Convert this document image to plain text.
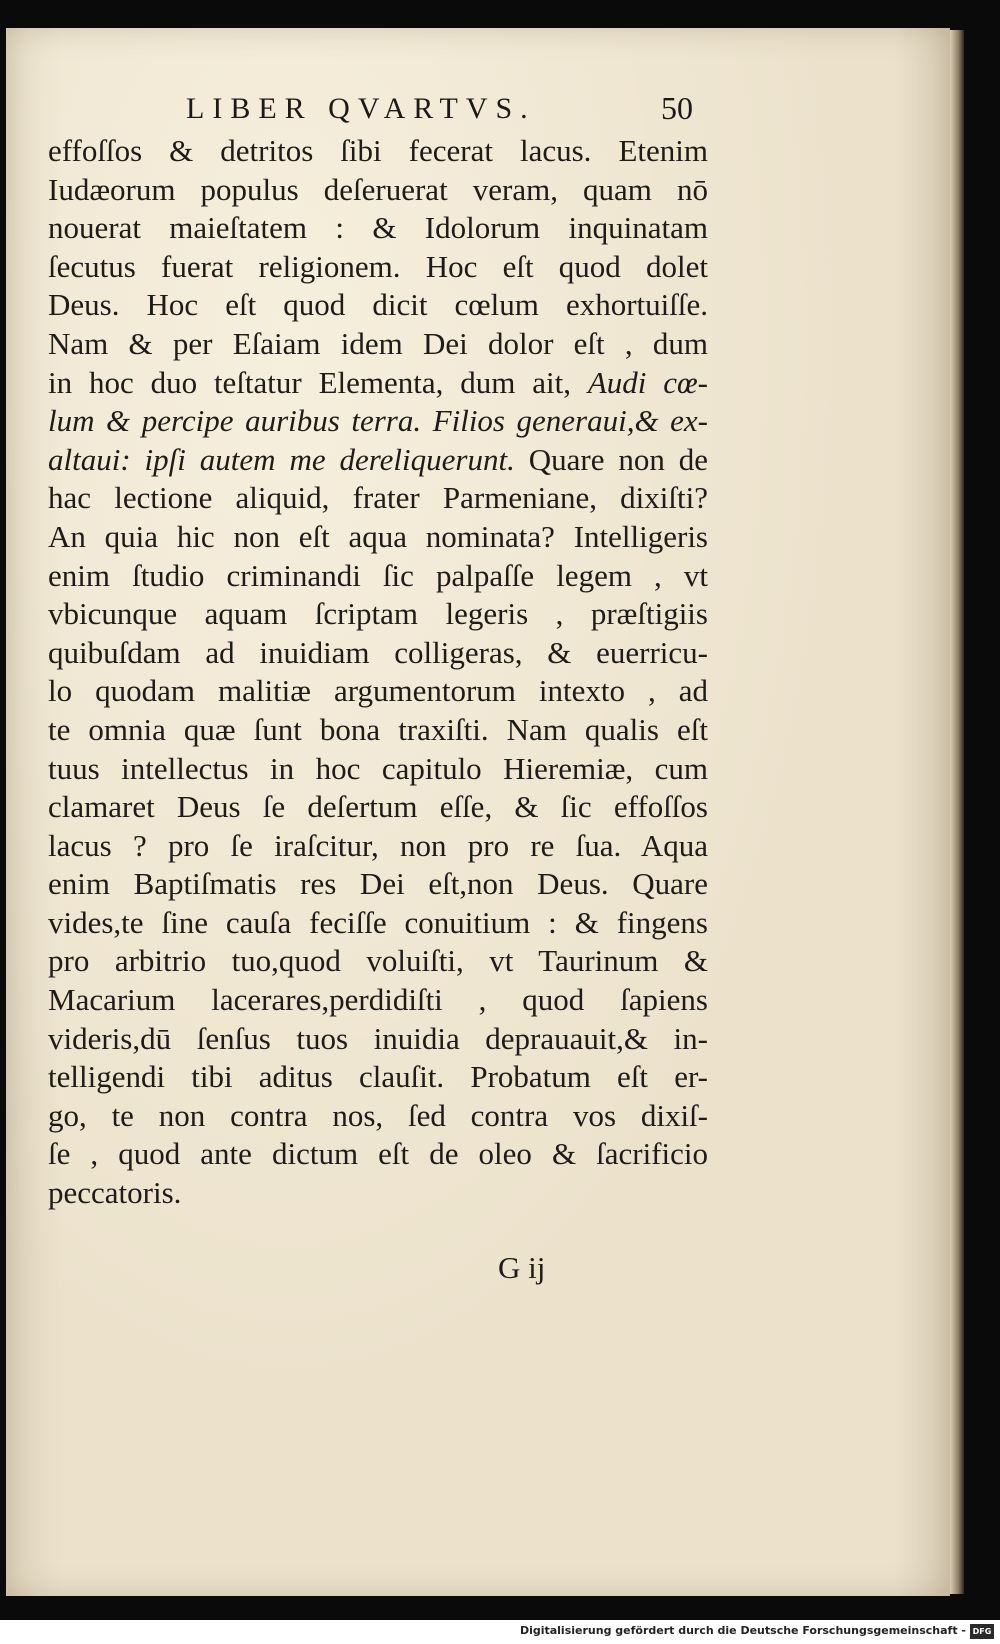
LIBER QVARTVS.	50
effoſſos & detritos ſibi fecerat lacus. Etenim
Iudæorum populus deſeruerat veram, quam nō
nouerat maieſtatem : & Idolorum inquinatam
ſecutus fuerat religionem. Hoc eſt quod dolet
Deus. Hoc eſt quod dicit cœlum exhortuiſſe.
Nam & per Eſaiam idem Dei dolor eſt , dum
in hoc duo teſtatur Elementa, dum ait, Audi cœ-
lum & percipe auribus terra. Filios generaui,& ex-
altaui: ipſi autem me dereliquerunt. Quare non de
hac lectione aliquid, frater Parmeniane, dixiſti?
An quia hic non eſt aqua nominata? Intelligeris
enim ſtudio criminandi ſic palpaſſe legem , vt
vbicunque aquam ſcriptam legeris , præſtigiis
quibuſdam ad inuidiam colligeras, & euerricu-
lo quodam malitiæ argumentorum intexto , ad
te omnia quæ ſunt bona traxiſti. Nam qualis eſt
tuus intellectus in hoc capitulo Hieremiæ, cum
clamaret Deus ſe deſertum eſſe, & ſic effoſſos
lacus ? pro ſe iraſcitur, non pro re ſua. Aqua
enim Baptiſmatis res Dei eſt,non Deus. Quare
vides,te ſine cauſa feciſſe conuitium : & fingens
pro arbitrio tuo,quod voluiſti, vt Taurinum &
Macarium lacerares,perdidiſti , quod ſapiens
videris,dū ſenſus tuos inuidia deprauauit,& in-
telligendi tibi aditus clauſit. Probatum eſt er-
go, te non contra nos, ſed contra vos dixiſ-
ſe , quod ante dictum eſt de oleo & ſacrificio
peccatoris.
G ij
Digitalisierung gefördert durch die Deutsche Forschungsgemeinschaft - DFG
